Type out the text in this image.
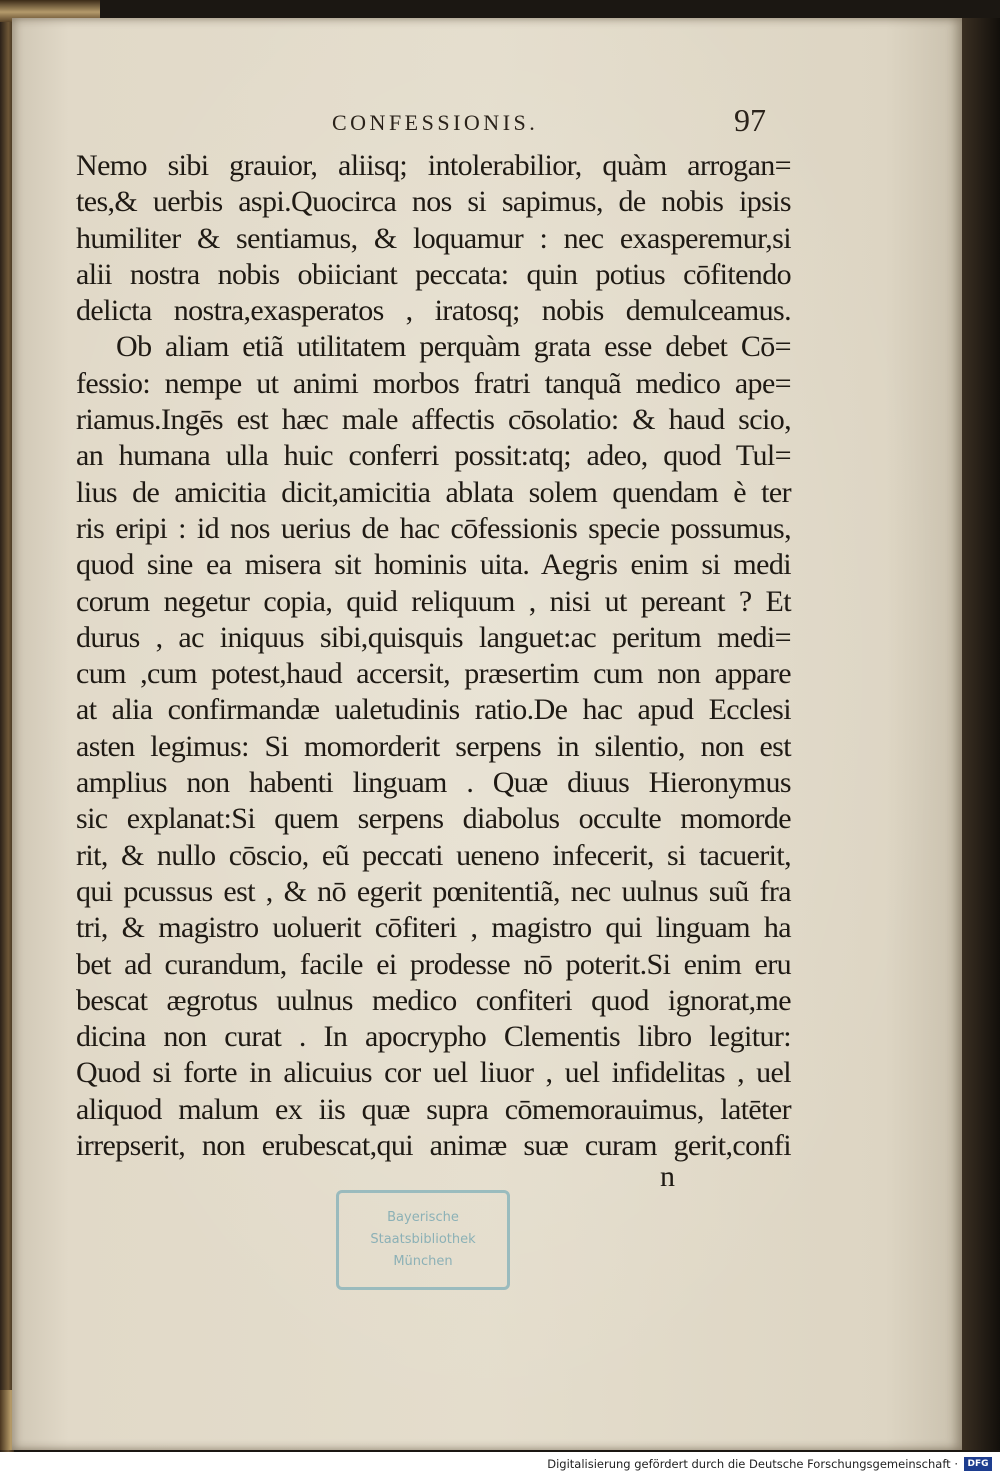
CONFESSIONIS.	97
Nemo sibi grauior, aliisq; intolerabilior, quàm arrogan=
tes,& uerbis aspi.Quocirca nos si sapimus, de nobis ipsis
humiliter & sentiamus, & loquamur : nec exasperemur,si
alii nostra nobis obiiciant peccata: quin potius cōfitendo
delicta nostra,exasperatos , iratosq; nobis demulceamus.
Ob aliam etiã utilitatem perquàm grata esse debet Cō=
fessio: nempe ut animi morbos fratri tanquã medico ape=
riamus.Ingēs est hæc male affectis cōsolatio: & haud scio,
an humana ulla huic conferri possit:atq; adeo, quod Tul=
lius de amicitia dicit,amicitia ablata solem quendam è ter
ris eripi : id nos uerius de hac cōfessionis specie possumus,
quod sine ea misera sit hominis uita. Aegris enim si medi
corum negetur copia, quid reliquum , nisi ut pereant ? Et
durus , ac iniquus sibi,quisquis languet:ac peritum medi=
cum ,cum potest,haud accersit, præsertim cum non appare
at alia confirmandæ ualetudinis ratio.De hac apud Ecclesi
asten legimus: Si momorderit serpens in silentio, non est
amplius non habenti linguam . Quæ diuus Hieronymus
sic explanat:Si quem serpens diabolus occulte momorde
rit, & nullo cōscio, eũ peccati ueneno infecerit, si tacuerit,
qui pcussus est , & nō egerit pœnitentiã, nec uulnus suũ fra
tri, & magistro uoluerit cōfiteri , magistro qui linguam ha
bet ad curandum, facile ei prodesse nō poterit.Si enim eru
bescat ægrotus uulnus medico confiteri quod ignorat,me
dicina non curat . In apocrypho Clementis libro legitur:
Quod si forte in alicuius cor uel liuor , uel infidelitas , uel
aliquod malum ex iis quæ supra cōmemorauimus, latēter
irrepserit, non erubescat,qui animæ suæ curam gerit,confi
n
Bayerische
Staatsbibliothek
München
Digitalisierung gefördert durch die Deutsche Forschungsgemeinschaft ·	DFG
